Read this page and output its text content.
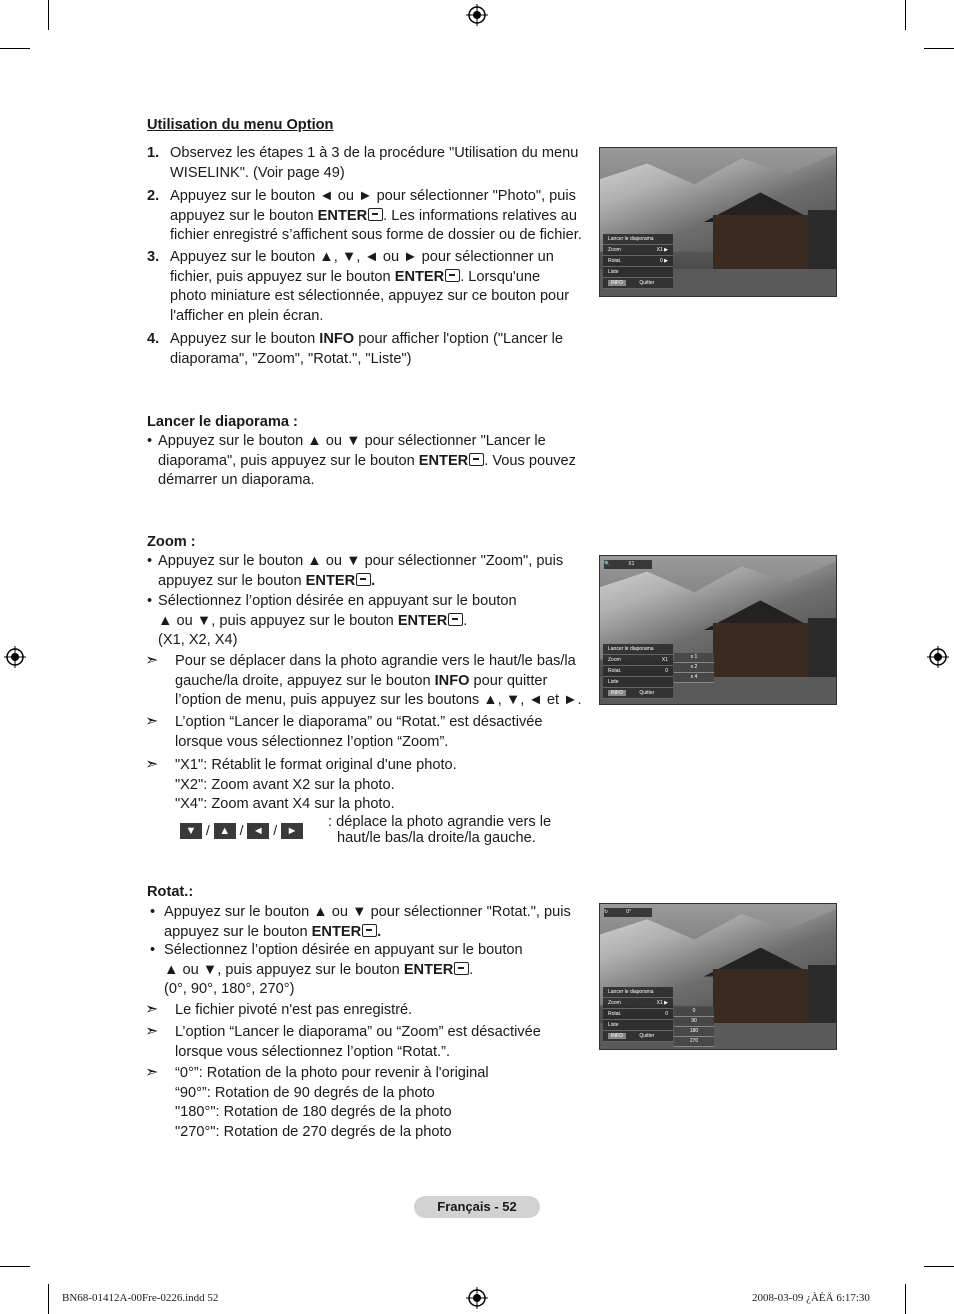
Utilisation du menu Option
1. Observez les étapes 1 à 3 de la procédure "Utilisation du menu
WISELINK". (Voir page 49)
2. Appuyez sur le bouton ◄ ou ► pour sélectionner "Photo", puis
appuyez sur le bouton ENTER . Les informations relatives au
fichier enregistré s’affichent sous forme de dossier ou de fichier.
3. Appuyez sur le bouton ▲, ▼, ◄ ou ► pour sélectionner un
fichier, puis appuyez sur le bouton ENTER . Lorsqu'une
photo miniature est sélectionnée, appuyez sur ce bouton pour
l'afficher en plein écran.
4. Appuyez sur le bouton INFO pour afficher l'option ("Lancer le
diaporama", "Zoom", "Rotat.", "Liste")
Lancer le diaporama :
• Appuyez sur le bouton ▲ ou ▼ pour sélectionner "Lancer le
diaporama", puis appuyez sur le bouton ENTER . Vous pouvez
démarrer un diaporama.
Zoom :
• Appuyez sur le bouton ▲ ou ▼ pour sélectionner "Zoom", puis
appuyez sur le bouton ENTER .
• Sélectionnez l’option désirée en appuyant sur le bouton
▲ ou ▼, puis appuyez sur le bouton ENTER .
(X1, X2, X4)
➣ Pour se déplacer dans la photo agrandie vers le haut/le bas/la
gauche/la droite, appuyez sur le bouton INFO pour quitter
l’option de menu, puis appuyez sur les boutons ▲, ▼, ◄ et ►.
➣ L’option “Lancer le diaporama” ou “Rotat.” est désactivée
lorsque vous sélectionnez l’option “Zoom”.
➣ "X1": Rétablit le format original d'une photo.
"X2": Zoom avant X2 sur la photo.
"X4": Zoom avant X4 sur la photo.
▼ / ▲ / ◄ / ►
: déplace la photo agrandie vers le
haut/le bas/la droite/la gauche.
Rotat.:
• Appuyez sur le bouton ▲ ou ▼ pour sélectionner "Rotat.", puis
appuyez sur le bouton ENTER .
• Sélectionnez l’option désirée en appuyant sur le bouton
▲ ou ▼, puis appuyez sur le bouton ENTER .
(0°, 90°, 180°, 270°)
➣ Le fichier pivoté n'est pas enregistré.
➣ L’option “Lancer le diaporama” ou “Zoom” est désactivée
lorsque vous sélectionnez l’option “Rotat.”.
➣ “0°”: Rotation de la photo pour revenir à l'original
“90°”: Rotation de 90 degrés de la photo
"180°": Rotation de 180 degrés de la photo
"270°": Rotation de 270 degrés de la photo
Lancer le diaporama
Zoom	X1 ▶
Rotat.	0 ▶
Liste
INFO	Quitter
🔍	X1
Lancer le diaporama
Zoom	X1
Rotat.	0
Liste
INFO	Quitter
x 1
x 2
x 4
↻	0°
Lancer le diaporama
Zoom	X1 ▶
Rotat.	0
Liste
INFO	Quitter
0
90
180
270
Français - 52
BN68-01412A-00Fre-0226.indd 52	2008-03-09 ¿ÀÈÄ 6:17:30
